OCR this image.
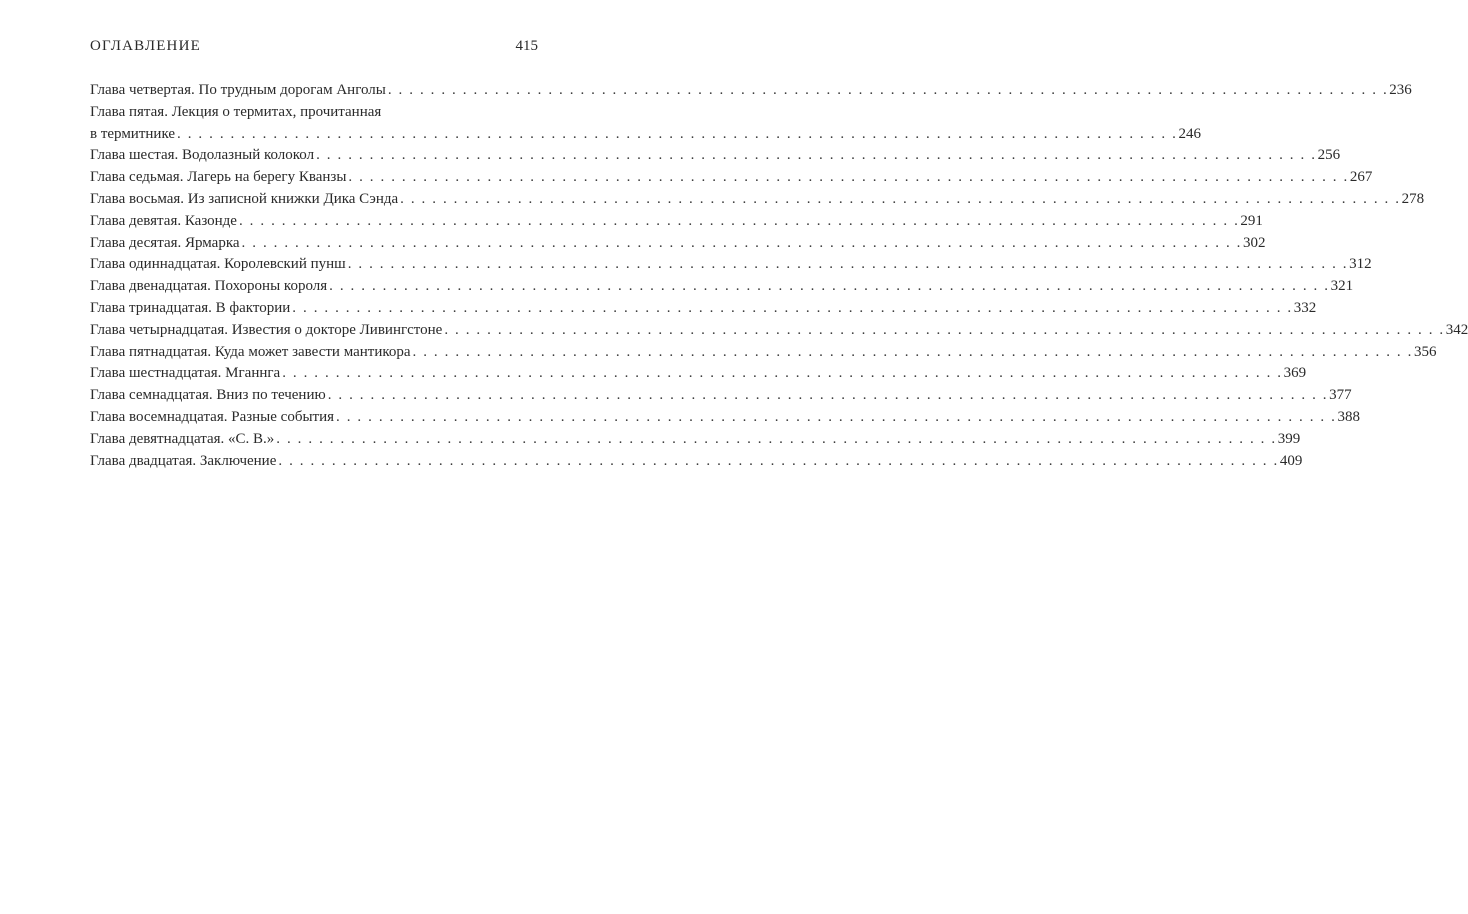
ОГЛАВЛЕНИЕ	415
Глава четвертая. По трудным дорогам Анголы . . . . . . . . . . . . . . . . . . . . . . . . . . . . . . . . . . . . . . . . . . . . . . . . . . . . . . . . . . . . . . . . . . . . . . . . . . . . . . . . . . . . . . . . . . . . . . 236
Глава пятая. Лекция о термитах, прочитанная
в термитнике . . . . . . . . . . . . . . . . . . . . . . . . . . . . . . . . . . . . . . . . . . . . . . . . . . . . . . . . . . . . . . . . . . . . . . . . . . . . . . . . . . . . . . . . . . . . . . 246
Глава шестая. Водолазный колокол . . . . . . . . . . . . . . . . . . . . . . . . . . . . . . . . . . . . . . . . . . . . . . . . . . . . . . . . . . . . . . . . . . . . . . . . . . . . . . . . . . . . . . . . . . . . . . 256
Глава седьмая. Лагерь на берегу Кванзы . . . . . . . . . . . . . . . . . . . . . . . . . . . . . . . . . . . . . . . . . . . . . . . . . . . . . . . . . . . . . . . . . . . . . . . . . . . . . . . . . . . . . . . . . . . . . . 267
Глава восьмая. Из записной книжки Дика Сэнда . . . . . . . . . . . . . . . . . . . . . . . . . . . . . . . . . . . . . . . . . . . . . . . . . . . . . . . . . . . . . . . . . . . . . . . . . . . . . . . . . . . . . . . . . . . . . . 278
Глава девятая. Казонде . . . . . . . . . . . . . . . . . . . . . . . . . . . . . . . . . . . . . . . . . . . . . . . . . . . . . . . . . . . . . . . . . . . . . . . . . . . . . . . . . . . . . . . . . . . . . . 291
Глава десятая. Ярмарка . . . . . . . . . . . . . . . . . . . . . . . . . . . . . . . . . . . . . . . . . . . . . . . . . . . . . . . . . . . . . . . . . . . . . . . . . . . . . . . . . . . . . . . . . . . . . . 302
Глава одиннадцатая. Королевский пунш . . . . . . . . . . . . . . . . . . . . . . . . . . . . . . . . . . . . . . . . . . . . . . . . . . . . . . . . . . . . . . . . . . . . . . . . . . . . . . . . . . . . . . . . . . . . . . 312
Глава двенадцатая. Похороны короля . . . . . . . . . . . . . . . . . . . . . . . . . . . . . . . . . . . . . . . . . . . . . . . . . . . . . . . . . . . . . . . . . . . . . . . . . . . . . . . . . . . . . . . . . . . . . . 321
Глава тринадцатая. В фактории . . . . . . . . . . . . . . . . . . . . . . . . . . . . . . . . . . . . . . . . . . . . . . . . . . . . . . . . . . . . . . . . . . . . . . . . . . . . . . . . . . . . . . . . . . . . . . 332
Глава четырнадцатая. Известия о докторе Ливингстоне . . . . . . . . . . . . . . . . . . . . . . . . . . . . . . . . . . . . . . . . . . . . . . . . . . . . . . . . . . . . . . . . . . . . . . . . . . . . . . . . . . . . . . . . . . . . . . 342
Глава пятнадцатая. Куда может завести мантикора . . . . . . . . . . . . . . . . . . . . . . . . . . . . . . . . . . . . . . . . . . . . . . . . . . . . . . . . . . . . . . . . . . . . . . . . . . . . . . . . . . . . . . . . . . . . . . 356
Глава шестнадцатая. Мганнга . . . . . . . . . . . . . . . . . . . . . . . . . . . . . . . . . . . . . . . . . . . . . . . . . . . . . . . . . . . . . . . . . . . . . . . . . . . . . . . . . . . . . . . . . . . . . . 369
Глава семнадцатая. Вниз по течению . . . . . . . . . . . . . . . . . . . . . . . . . . . . . . . . . . . . . . . . . . . . . . . . . . . . . . . . . . . . . . . . . . . . . . . . . . . . . . . . . . . . . . . . . . . . . . 377
Глава восемнадцатая. Разные события . . . . . . . . . . . . . . . . . . . . . . . . . . . . . . . . . . . . . . . . . . . . . . . . . . . . . . . . . . . . . . . . . . . . . . . . . . . . . . . . . . . . . . . . . . . . . . 388
Глава девятнадцатая. «С. В.» . . . . . . . . . . . . . . . . . . . . . . . . . . . . . . . . . . . . . . . . . . . . . . . . . . . . . . . . . . . . . . . . . . . . . . . . . . . . . . . . . . . . . . . . . . . . . . 399
Глава двадцатая. Заключение . . . . . . . . . . . . . . . . . . . . . . . . . . . . . . . . . . . . . . . . . . . . . . . . . . . . . . . . . . . . . . . . . . . . . . . . . . . . . . . . . . . . . . . . . . . . . . 409
